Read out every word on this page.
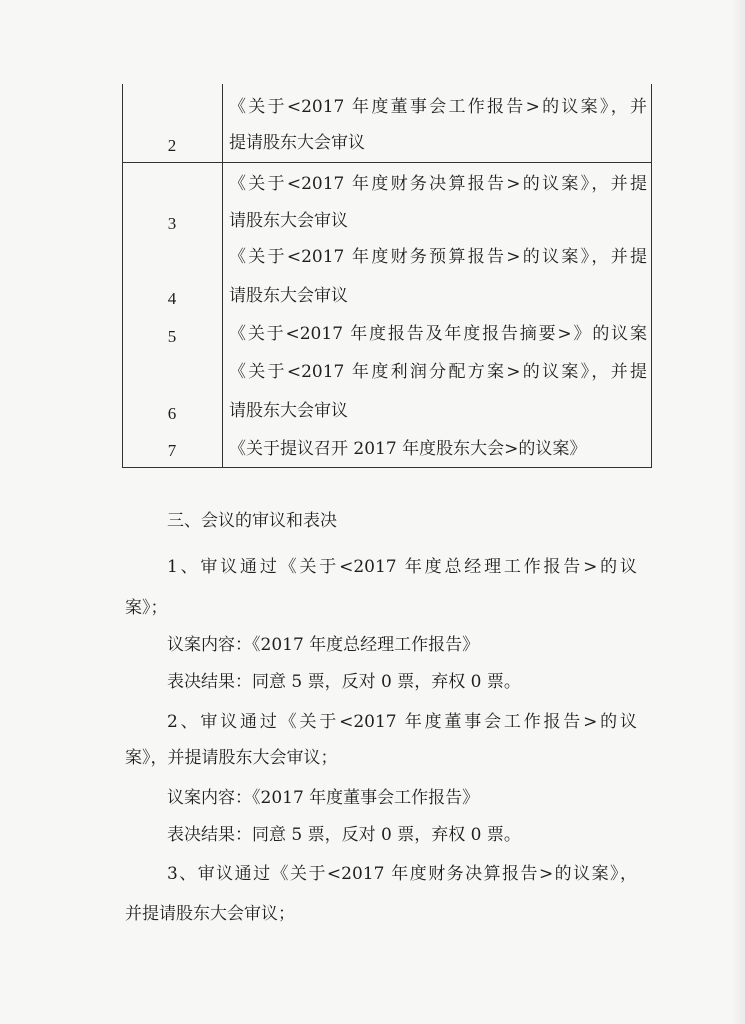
2
《关于<2017 年度董事会工作报告>的议案》，并
提请股东大会审议
3
《关于<2017 年度财务决算报告>的议案》，并提
请股东大会审议
4
《关于<2017 年度财务预算报告>的议案》，并提
请股东大会审议
5	《关于<2017 年度报告及年度报告摘要>》的议案
6
《关于<2017 年度利润分配方案>的议案》，并提
请股东大会审议
7	《关于提议召开 2017 年度股东大会>的议案》
三、会议的审议和表决
1、审议通过《关于<2017 年度总经理工作报告>的议
案》；
议案内容：《2017 年度总经理工作报告》
表决结果：同意 5 票，反对 0 票，弃权 0 票。
2、审议通过《关于<2017 年度董事会工作报告>的议
案》，并提请股东大会审议；
议案内容：《2017 年度董事会工作报告》
表决结果：同意 5 票，反对 0 票，弃权 0 票。
3、审议通过《关于<2017 年度财务决算报告>的议案》，
并提请股东大会审议；
